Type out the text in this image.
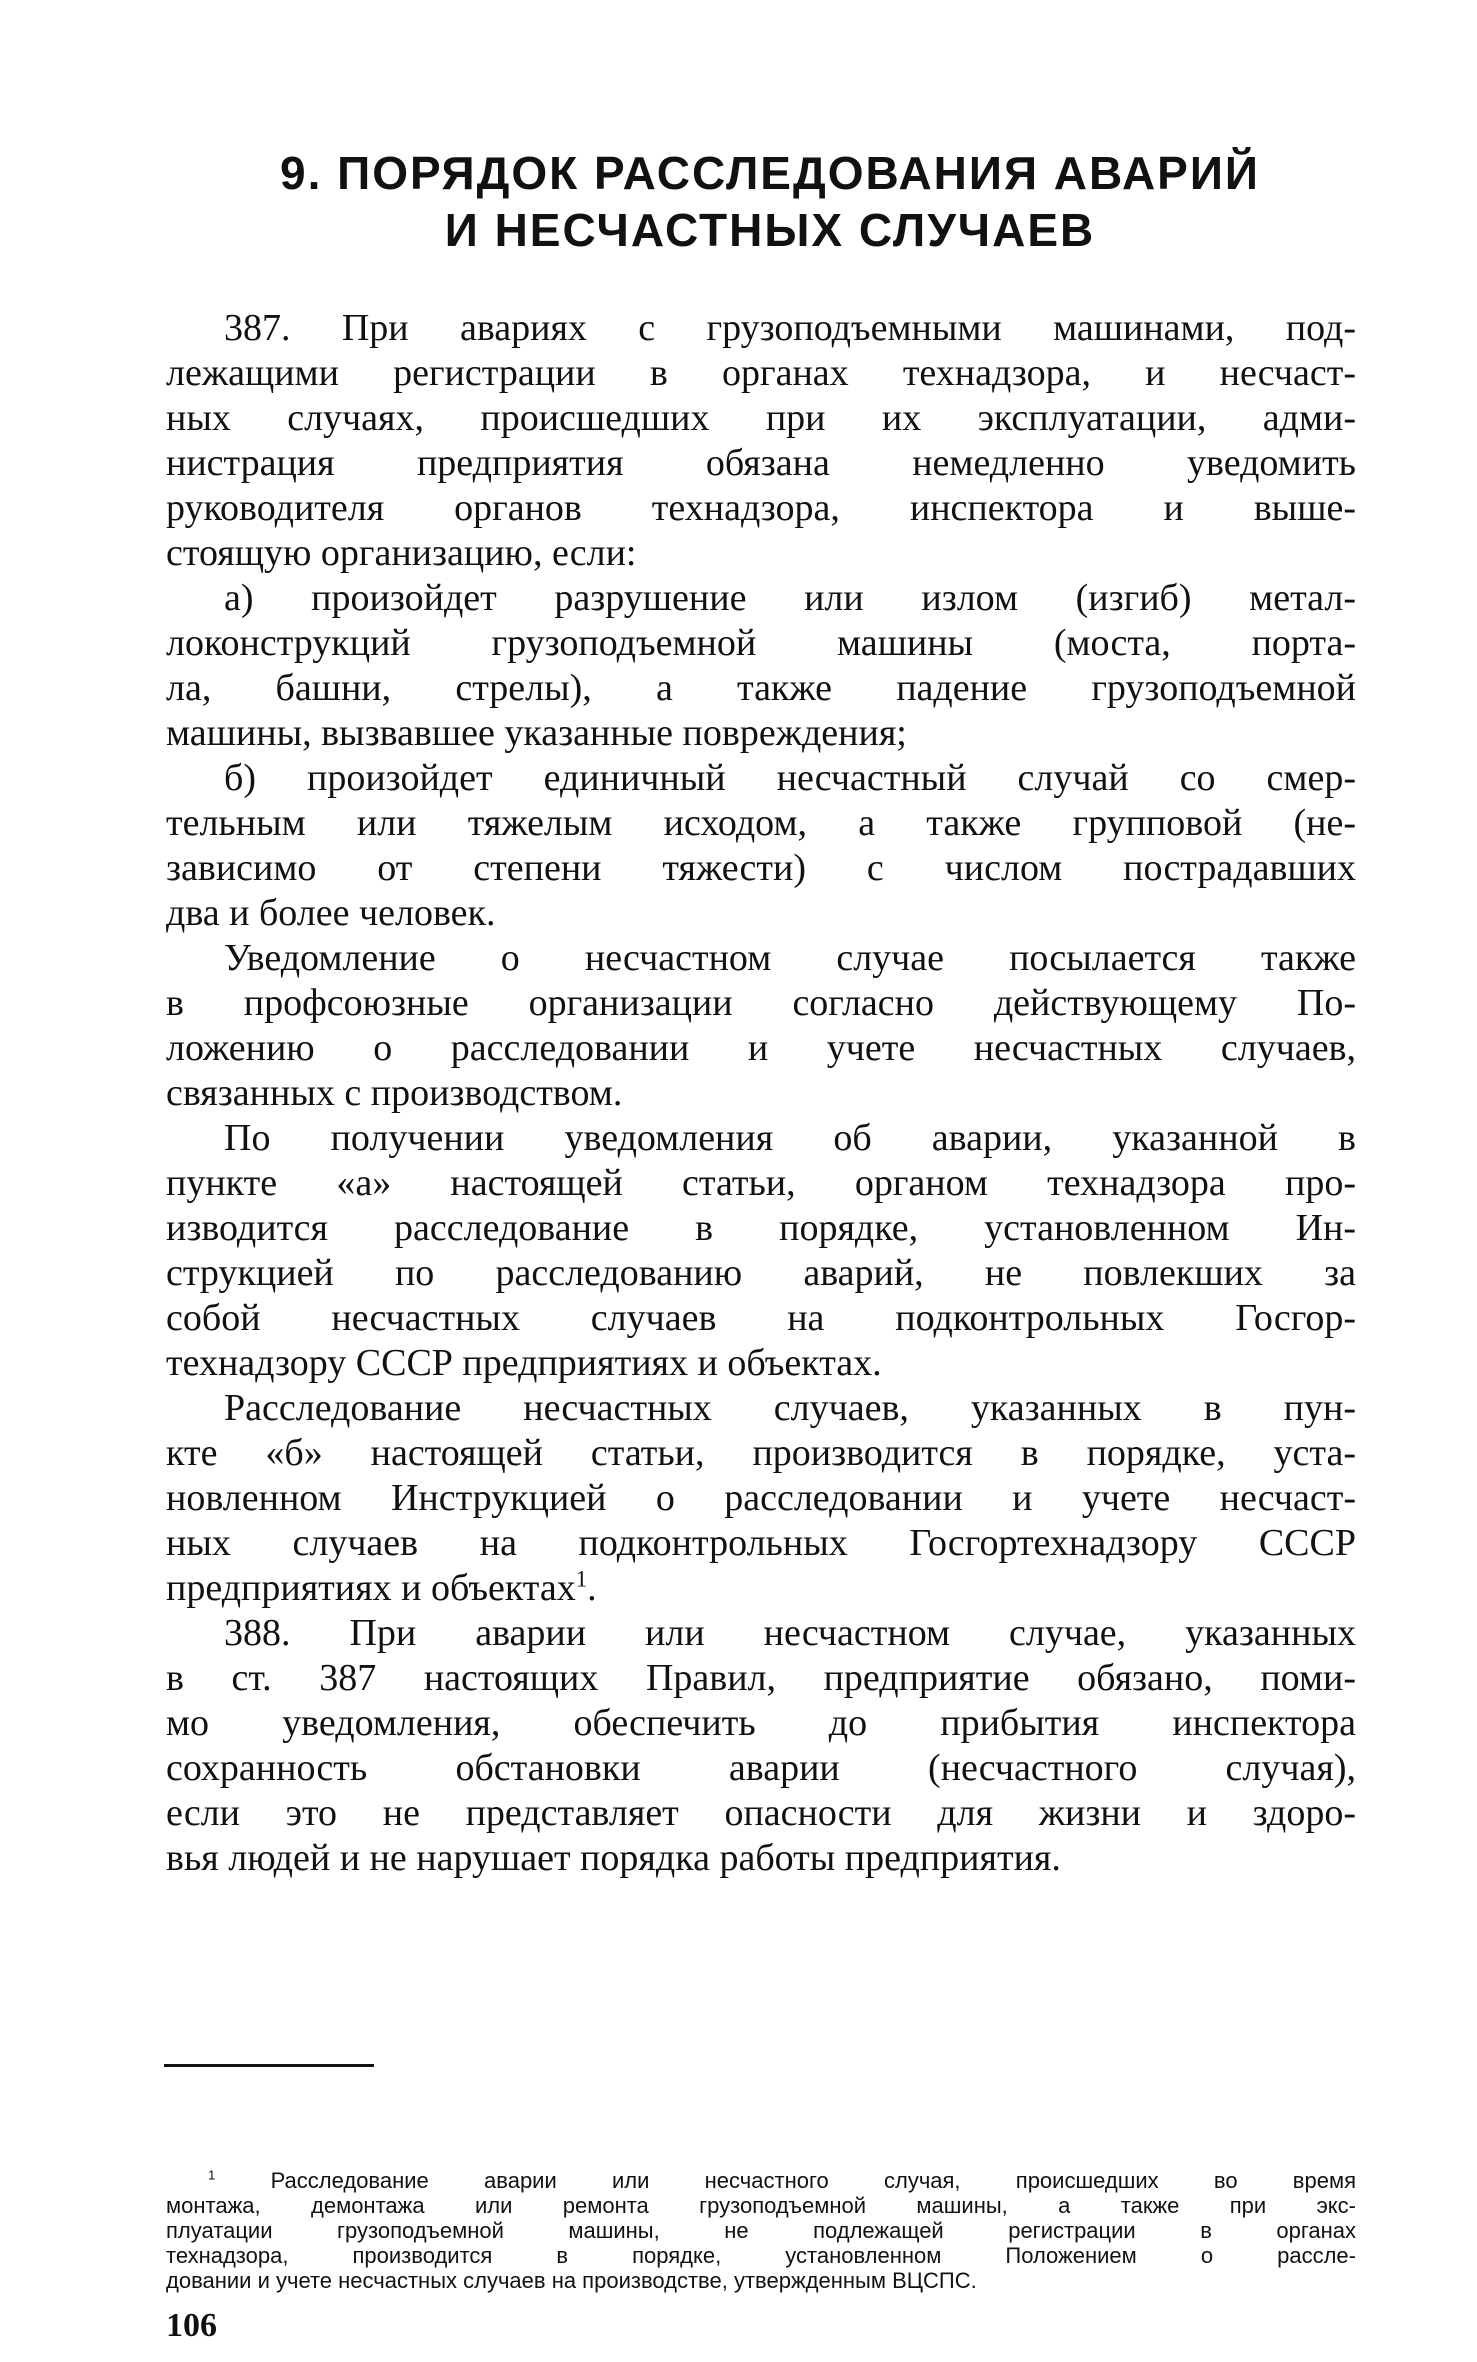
9. ПОРЯДОК РАССЛЕДОВАНИЯ АВАРИЙ
И НЕСЧАСТНЫХ СЛУЧАЕВ
387. При авариях с грузоподъемными машинами, под-
лежащими регистрации в органах технадзора, и несчаст-
ных случаях, происшедших при их эксплуатации, адми-
нистрация предприятия обязана немедленно уведомить
руководителя органов технадзора, инспектора и выше-
стоящую организацию, если:
а) произойдет разрушение или излом (изгиб) метал-
локонструкций грузоподъемной машины (моста, порта-
ла, башни, стрелы), а также падение грузоподъемной
машины, вызвавшее указанные повреждения;
б) произойдет единичный несчастный случай со смер-
тельным или тяжелым исходом, а также групповой (не-
зависимо от степени тяжести) с числом пострадавших
два и более человек.
Уведомление о несчастном случае посылается также
в профсоюзные организации согласно действующему По-
ложению о расследовании и учете несчастных случаев,
связанных с производством.
По получении уведомления об аварии, указанной в
пункте «а» настоящей статьи, органом технадзора про-
изводится расследование в порядке, установленном Ин-
струкцией по расследованию аварий, не повлекших за
собой несчастных случаев на подконтрольных Госгор-
технадзору СССР предприятиях и объектах.
Расследование несчастных случаев, указанных в пун-
кте «б» настоящей статьи, производится в порядке, уста-
новленном Инструкцией о расследовании и учете несчаст-
ных случаев на подконтрольных Госгортехнадзору СССР
предприятиях и объектах$^1$.
388. При аварии или несчастном случае, указанных
в ст. 387 настоящих Правил, предприятие обязано, поми-
мо уведомления, обеспечить до прибытия инспектора
сохранность обстановки аварии (несчастного случая),
если это не представляет опасности для жизни и здоро-
вья людей и не нарушает порядка работы предприятия.
$^1$	Расследование аварии или несчастного случая, происшедших во время
монтажа, демонтажа или ремонта грузоподъемной машины, а также при экс-
плуатации грузоподъемной машины, не подлежащей регистрации в органах
технадзора, производится в порядке, установленном Положением о рассле-
довании и учете несчастных случаев на производстве, утвержденным ВЦСПС.
106
